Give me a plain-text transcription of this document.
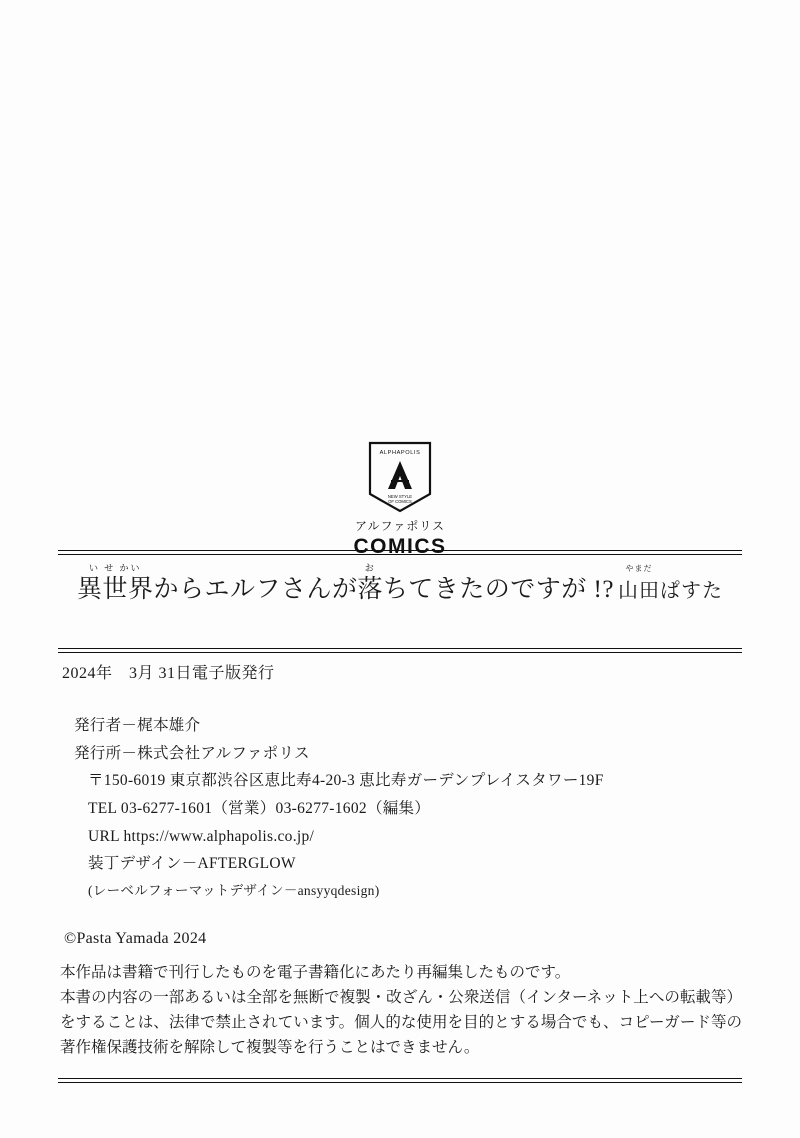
ALPHAPOLIS
NEW STYLE
OF COMICS
アルファポリス
COMICS
い せ かい
異世界からエルフさんが
お
落ちてきたのですが !?
やまだ
山田ぱすた

2024年　3月 31日電子版発行

発行者－梶本雄介
発行所－株式会社アルファポリス
〒150-6019 東京都渋谷区恵比寿4-20-3 恵比寿ガーデンプレイスタワー19F
TEL 03-6277-1601（営業）03-6277-1602（編集）
URL https://www.alphapolis.co.jp/
装丁デザイン－AFTERGLOW
(レーベルフォーマットデザイン－ansyyqdesign)
©Pasta Yamada 2024

本作品は書籍で刊行したものを電子書籍化にあたり再編集したものです。

本書の内容の一部あるいは全部を無断で複製・改ざん・公衆送信（インターネット上への転載等）をすることは、法律で禁止されています。個人的な使用を目的とする場合でも、コピーガード等の著作権保護技術を解除して複製等を行うことはできません。
